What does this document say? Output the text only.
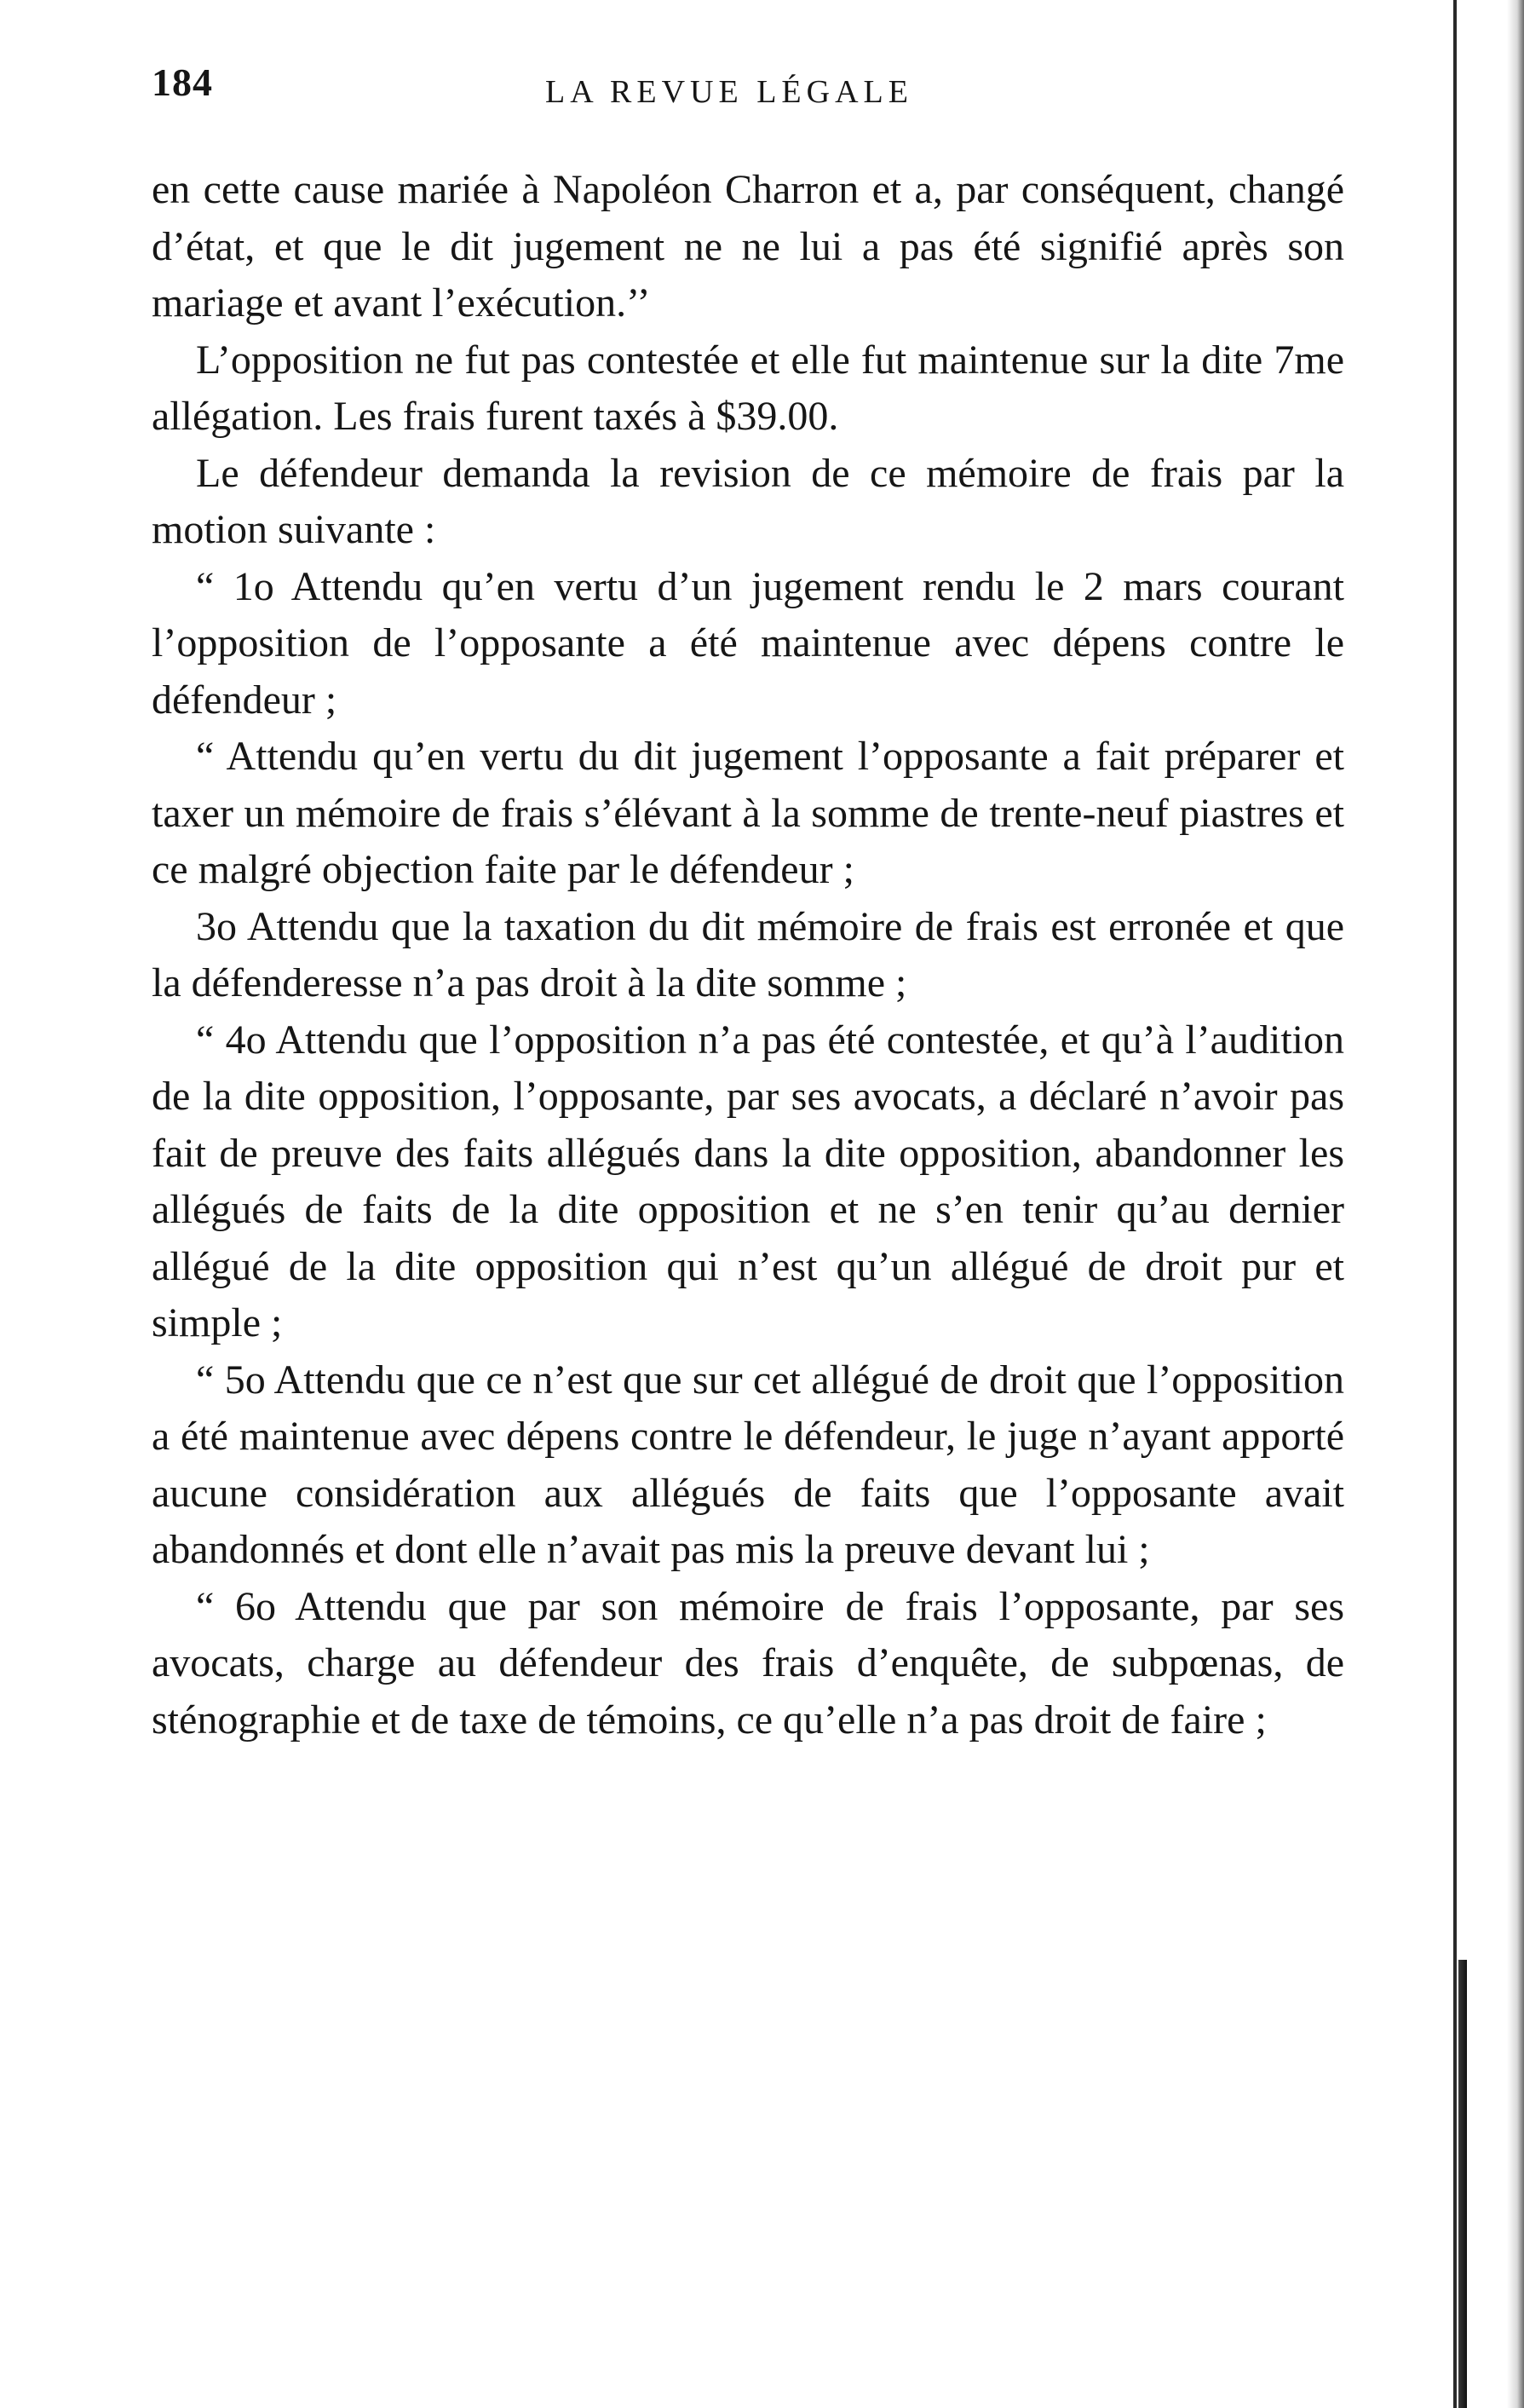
184	LA REVUE LÉGALE

en cette cause mariée à Napoléon Charron et a, par conséquent, changé d’état, et que le dit jugement ne ne lui a pas été signifié après son mariage et avant l’exécution.’’

L’opposition ne fut pas contestée et elle fut maintenue sur la dite 7me allégation. Les frais furent taxés à $39.00.

Le défendeur demanda la revision de ce mémoire de frais par la motion suivante :

“ 1o Attendu qu’en vertu d’un jugement rendu le 2 mars courant l’opposition de l’opposante a été maintenue avec dépens contre le défendeur ;

“ Attendu qu’en vertu du dit jugement l’opposante a fait préparer et taxer un mémoire de frais s’élévant à la somme de trente-neuf piastres et ce malgré objection faite par le défendeur ;

3o Attendu que la taxation du dit mémoire de frais est erronée et que la défenderesse n’a pas droit à la dite somme ;

“ 4o Attendu que l’opposition n’a pas été contestée, et qu’à l’audition de la dite opposition, l’opposante, par ses avocats, a déclaré n’avoir pas fait de preuve des faits allégués dans la dite opposition, abandonner les allégués de faits de la dite opposition et ne s’en tenir qu’au dernier allégué de la dite opposition qui n’est qu’un allégué de droit pur et simple ;

“ 5o Attendu que ce n’est que sur cet allégué de droit que l’opposition a été maintenue avec dépens contre le défendeur, le juge n’ayant apporté aucune considération aux allégués de faits que l’opposante avait abandonnés et dont elle n’avait pas mis la preuve devant lui ;

“ 6o Attendu que par son mémoire de frais l’opposante, par ses avocats, charge au défendeur des frais d’enquête, de subpœnas, de sténographie et de taxe de témoins, ce qu’elle n’a pas droit de faire ;
